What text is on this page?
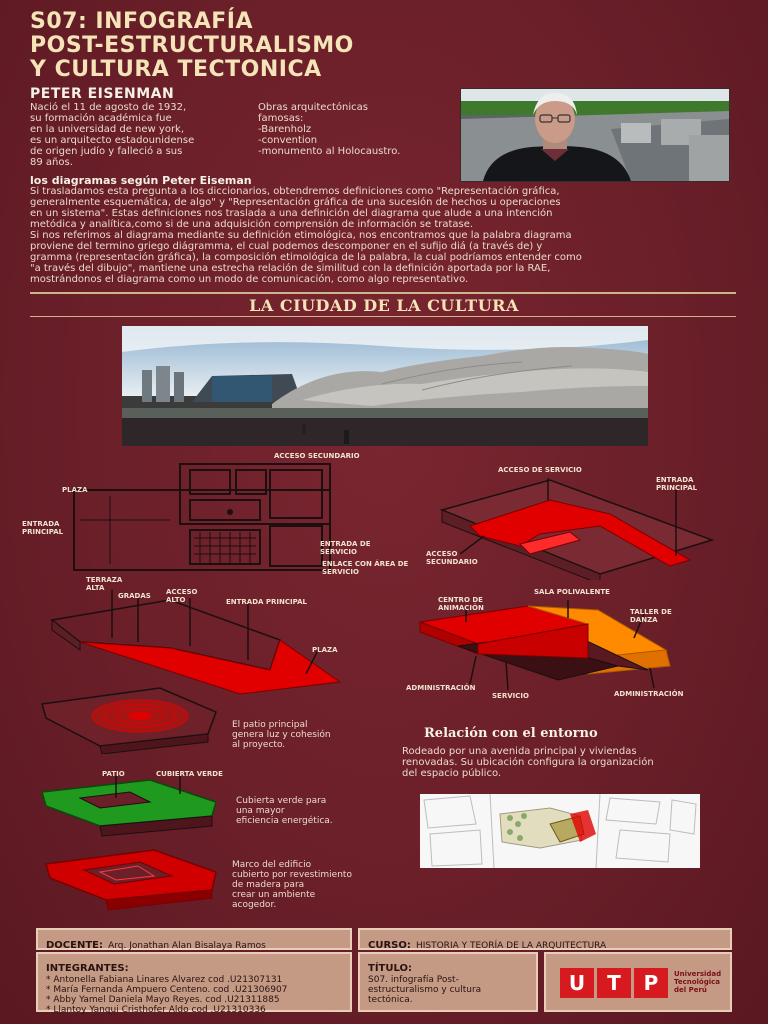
S07: INFOGRAFÍA
POST-ESTRUCTURALISMO
Y CULTURA TECTONICA
PETER EISENMAN
Nació el 11 de agosto de 1932,
su formación académica fue
en la universidad de new york,
es un arquitecto estadounidense
de origen judío y falleció a sus
89 años.
Obras arquitectónicas
famosas:
-Barenholz
-convention
-monumento al Holocaustro.
los diagramas según Peter Eiseman
Si trasladamos esta pregunta a los diccionarios, obtendremos definiciones como "Representación gráfica,
generalmente esquemática, de algo" y "Representación gráfica de una sucesión de hechos u operaciones
en un sistema". Estas definiciones nos traslada a una definición del diagrama que alude a una intención
metódica y analítica,como si de una adquisición comprensión de información se tratase.
Si nos referimos al diagrama mediante su definición etimológica, nos encontramos que la palabra diagrama
proviene del termino griego diágramma, el cual podemos descomponer en el sufijo diá (a través de) y
gramma (representación gráfica), la composición etimológica de la palabra, la cual podríamos entender como
"a través del dibujo", mantiene una estrecha relación de similitud con la definición aportada por la RAE,
mostrándonos el diagrama como un modo de comunicación, como algo representativo.
LA CIUDAD DE LA CULTURA
ACCESO SECUNDARIO
PLAZA
ENTRADA PRINCIPAL
ENTRADA DE SERVICIO
ENLACE CON ÁREA DE SERVICIO
ACCESO DE SERVICIO
ENTRADA PRINCIPAL
ACCESO SECUNDARIO
TERRAZA ALTA
GRADAS ACCESO ALTO	ENTRADA PRINCIPAL
PLAZA
CENTRO DE ANIMACIÓN
SALA POLIVALENTE
TALLER DE DANZA
ADMINISTRACIÓN
SERVICIO	ADMINISTRACIÓN
El patio principal
genera luz y cohesión
al proyecto.
PATIO	CUBIERTA VERDE
Cubierta verde para
una mayor
eficiencia energética.
Marco del edificio
cubierto por revestimiento
de madera para
crear un ambiente
acogedor.
Relación con el entorno
Rodeado por una avenida principal y viviendas
renovadas. Su ubicación configura la organización
del espacio público.
DOCENTE: Arq. Jonathan Alan Bisalaya Ramos	CURSO: HISTORIA Y TEORÍA DE LA ARQUITECTURA
INTEGRANTES:
* Antonella Fabiana Linares Alvarez cod .U21307131
* María Fernanda Ampuero Centeno. cod .U21306907
* Abby Yamel Daniela Mayo Reyes. cod .U21311885
* Llantoy Yanqui Cristhofer Aldo cod .U21310336
TÍTULO:
S07. infografía Post-
estructuralismo y cultura
tectónica.
U	T	P	Universidad
Tecnológica
del Perú
